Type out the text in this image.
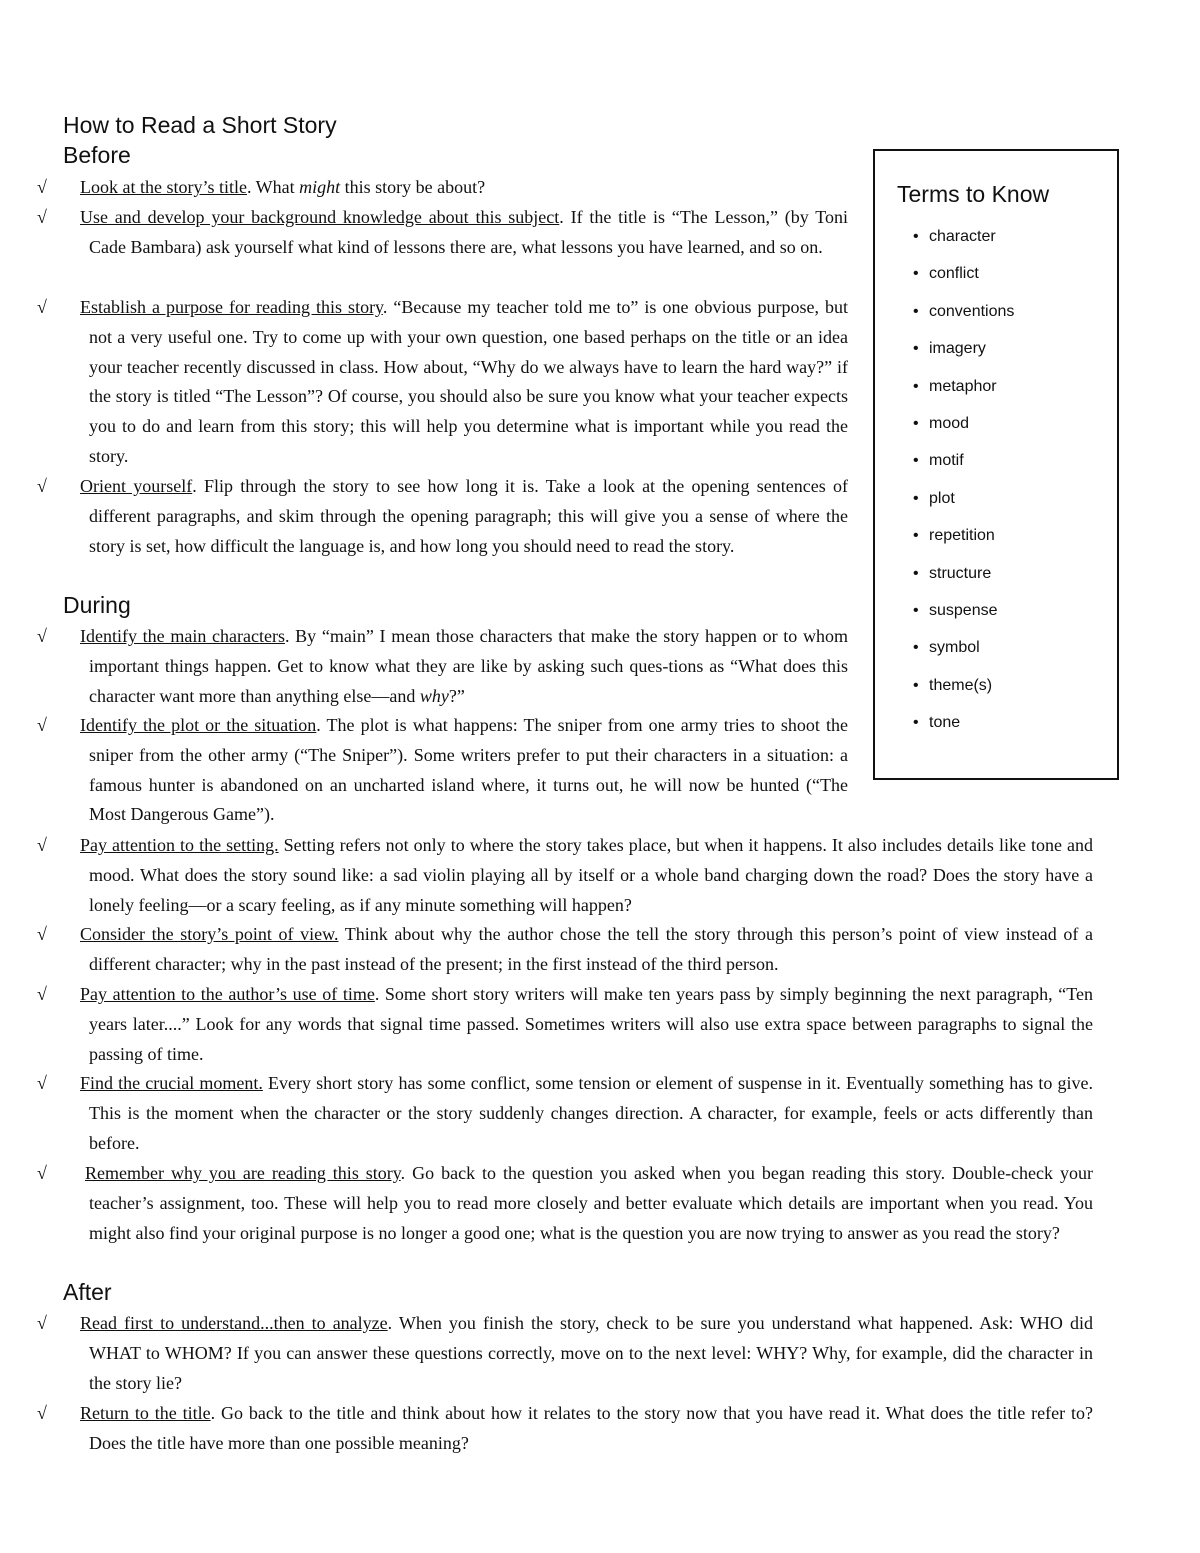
How to Read a Short Story
Before
√ Look at the story’s title. What might this story be about?
√ Use and develop your background knowledge about this subject. If the title is “The Lesson,” (by Toni Cade Bambara) ask yourself what kind of lessons there are, what lessons you have learned, and so on.
√ Establish a purpose for reading this story. “Because my teacher told me to” is one obvious purpose, but not a very useful one. Try to come up with your own question, one based perhaps on the title or an idea your teacher recently discussed in class. How about, “Why do we always have to learn the hard way?” if the story is titled “The Lesson”? Of course, you should also be sure you know what your teacher expects you to do and learn from this story; this will help you determine what is important while you read the story.
√ Orient yourself. Flip through the story to see how long it is. Take a look at the opening sentences of different paragraphs, and skim through the opening paragraph; this will give you a sense of where the story is set, how difficult the language is, and how long you should need to read the story.
During
√ Identify the main characters. By “main” I mean those characters that make the story happen or to whom important things happen. Get to know what they are like by asking such ques-tions as “What does this character want more than anything else––and why?”
√ Identify the plot or the situation. The plot is what happens: The sniper from one army tries to shoot the sniper from the other army (“The Sniper”). Some writers prefer to put their characters in a situation: a famous hunter is abandoned on an uncharted island where, it turns out, he will now be hunted (“The Most Dangerous Game”).
√ Pay attention to the setting. Setting refers not only to where the story takes place, but when it happens. It also includes details like tone and mood. What does the story sound like: a sad violin playing all by itself or a whole band charging down the road? Does the story have a lonely feeling—or a scary feeling, as if any minute something will happen?
√ Consider the story’s point of view. Think about why the author chose the tell the story through this person’s point of view instead of a different character; why in the past instead of the present; in the first instead of the third person.
√ Pay attention to the author’s use of time. Some short story writers will make ten years pass by simply beginning the next paragraph, “Ten years later....” Look for any words that signal time passed. Sometimes writers will also use extra space between paragraphs to signal the passing of time.
√ Find the crucial moment. Every short story has some conflict, some tension or element of suspense in it. Eventually something has to give. This is the moment when the character or the story suddenly changes direction. A character, for example, feels or acts differently than before.
√ Remember why you are reading this story. Go back to the question you asked when you began reading this story. Double-check your teacher’s assignment, too. These will help you to read more closely and better evaluate which details are important when you read. You might also find your original purpose is no longer a good one; what is the question you are now trying to answer as you read the story?
After
√ Read first to understand...then to analyze. When you finish the story, check to be sure you understand what happened. Ask: WHO did WHAT to WHOM? If you can answer these questions correctly, move on to the next level: WHY? Why, for example, did the character in the story lie?
√ Return to the title. Go back to the title and think about how it relates to the story now that you have read it. What does the title refer to? Does the title have more than one possible meaning?
Terms to Know
• character
• conflict
• conventions
• imagery
• metaphor
• mood
• motif
• plot
• repetition
• structure
• suspense
• symbol
• theme(s)
• tone
